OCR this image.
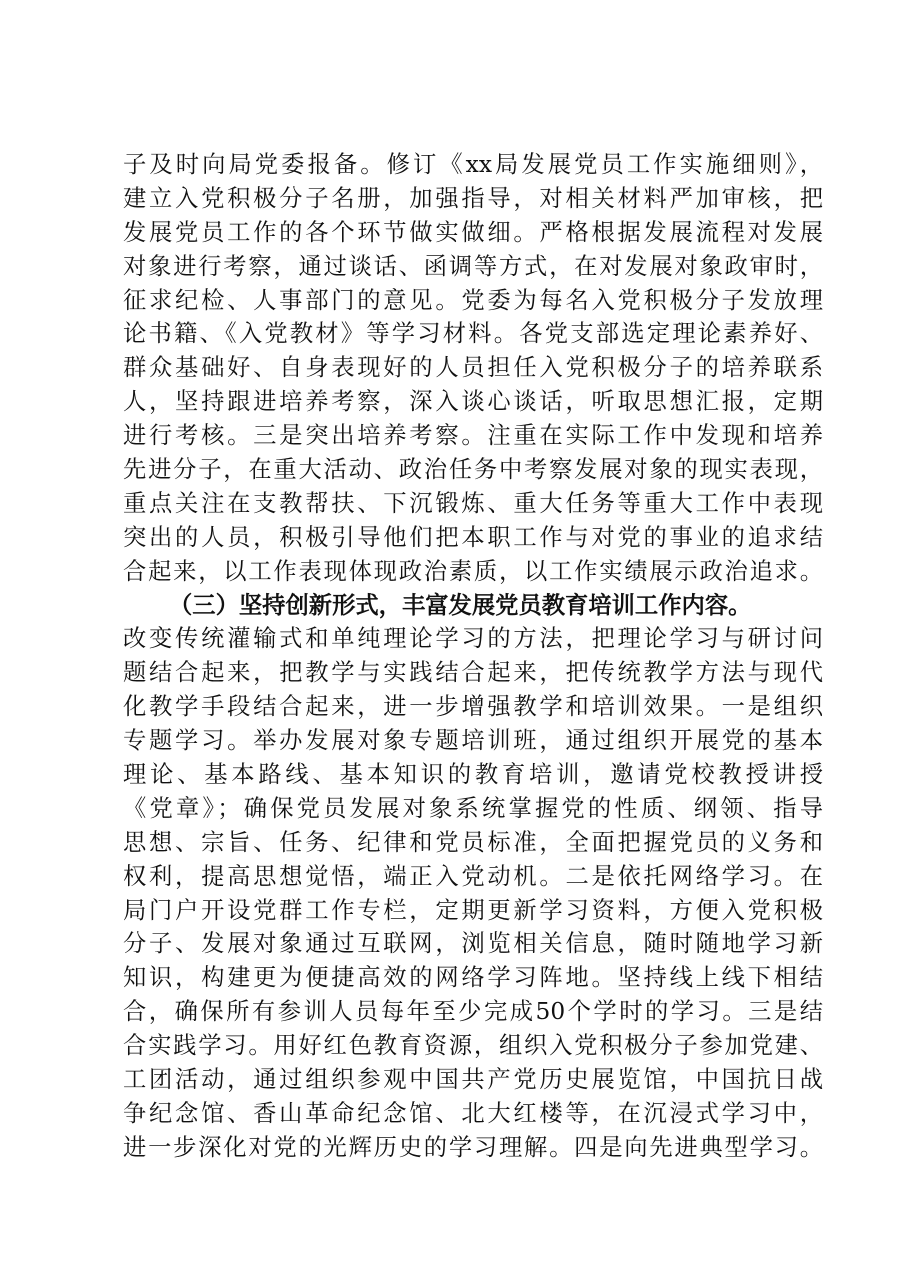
子及时向局党委报备。修订《xx局发展党员工作实施细则》，
建立入党积极分子名册，加强指导，对相关材料严加审核，把
发展党员工作的各个环节做实做细。严格根据发展流程对发展
对象进行考察，通过谈话、函调等方式，在对发展对象政审时，
征求纪检、人事部门的意见。党委为每名入党积极分子发放理
论书籍、《入党教材》等学习材料。各党支部选定理论素养好、
群众基础好、自身表现好的人员担任入党积极分子的培养联系
人，坚持跟进培养考察，深入谈心谈话，听取思想汇报，定期
进行考核。三是突出培养考察。注重在实际工作中发现和培养
先进分子，在重大活动、政治任务中考察发展对象的现实表现，
重点关注在支教帮扶、下沉锻炼、重大任务等重大工作中表现
突出的人员，积极引导他们把本职工作与对党的事业的追求结
合起来，以工作表现体现政治素质，以工作实绩展示政治追求。
（三）坚持创新形式，丰富发展党员教育培训工作内容。
改变传统灌输式和单纯理论学习的方法，把理论学习与研讨问
题结合起来，把教学与实践结合起来，把传统教学方法与现代
化教学手段结合起来，进一步增强教学和培训效果。一是组织
专题学习。举办发展对象专题培训班，通过组织开展党的基本
理论、基本路线、基本知识的教育培训，邀请党校教授讲授
《党章》；确保党员发展对象系统掌握党的性质、纲领、指导
思想、宗旨、任务、纪律和党员标准，全面把握党员的义务和
权利，提高思想觉悟，端正入党动机。二是依托网络学习。在
局门户开设党群工作专栏，定期更新学习资料，方便入党积极
分子、发展对象通过互联网，浏览相关信息，随时随地学习新
知识，构建更为便捷高效的网络学习阵地。坚持线上线下相结
合，确保所有参训人员每年至少完成50个学时的学习。三是结
合实践学习。用好红色教育资源，组织入党积极分子参加党建、
工团活动，通过组织参观中国共产党历史展览馆，中国抗日战
争纪念馆、香山革命纪念馆、北大红楼等，在沉浸式学习中，
进一步深化对党的光辉历史的学习理解。四是向先进典型学习。
